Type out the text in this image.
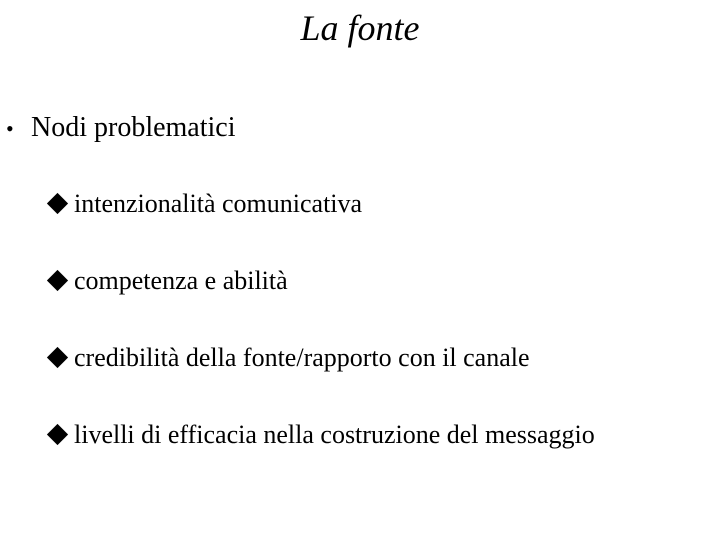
La fonte
• Nodi problematici
intenzionalità comunicativa
competenza e abilità
credibilità della fonte/rapporto con il canale
livelli di efficacia nella costruzione del messaggio
